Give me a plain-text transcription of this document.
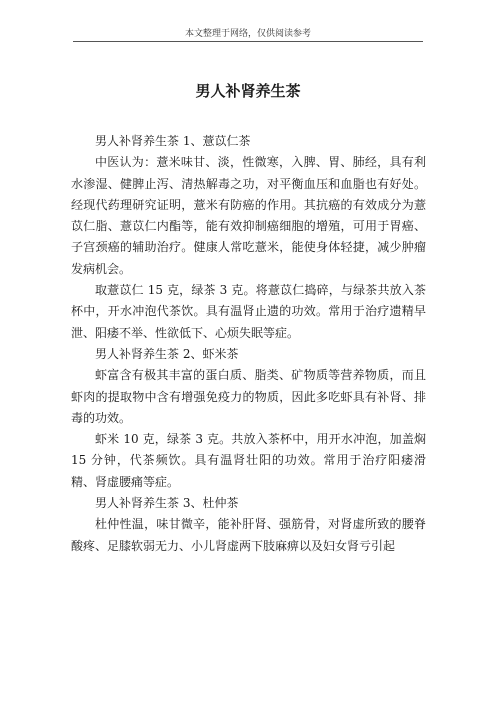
本文整理于网络，仅供阅读参考
男人补肾养生茶

男人补肾养生茶 1、薏苡仁茶

中医认为：薏米味甘、淡，性微寒，入脾、胃、肺经，具有利水渗湿、健脾止泻、清热解毒之功，对平衡血压和血脂也有好处。经现代药理研究证明，薏米有防癌的作用。其抗癌的有效成分为薏苡仁脂、薏苡仁内酯等，能有效抑制癌细胞的增殖，可用于胃癌、子宫颈癌的辅助治疗。健康人常吃薏米，能使身体轻捷，减少肿瘤发病机会。

取薏苡仁 15 克，绿茶 3 克。将薏苡仁捣碎，与绿茶共放入茶杯中，开水冲泡代茶饮。具有温肾止遗的功效。常用于治疗遗精早泄、阳痿不举、性欲低下、心烦失眠等症。

男人补肾养生茶 2、虾米茶

虾富含有极其丰富的蛋白质、脂类、矿物质等营养物质，而且虾肉的提取物中含有增强免疫力的物质，因此多吃虾具有补肾、排毒的功效。

虾米 10 克，绿茶 3 克。共放入茶杯中，用开水冲泡，加盖焖 15 分钟，代茶频饮。具有温肾壮阳的功效。常用于治疗阳痿滑精、肾虚腰痛等症。

男人补肾养生茶 3、杜仲茶

杜仲性温，味甘微辛，能补肝肾、强筋骨，对肾虚所致的腰脊酸疼、足膝软弱无力、小儿肾虚两下肢麻痹以及妇女肾亏引起
